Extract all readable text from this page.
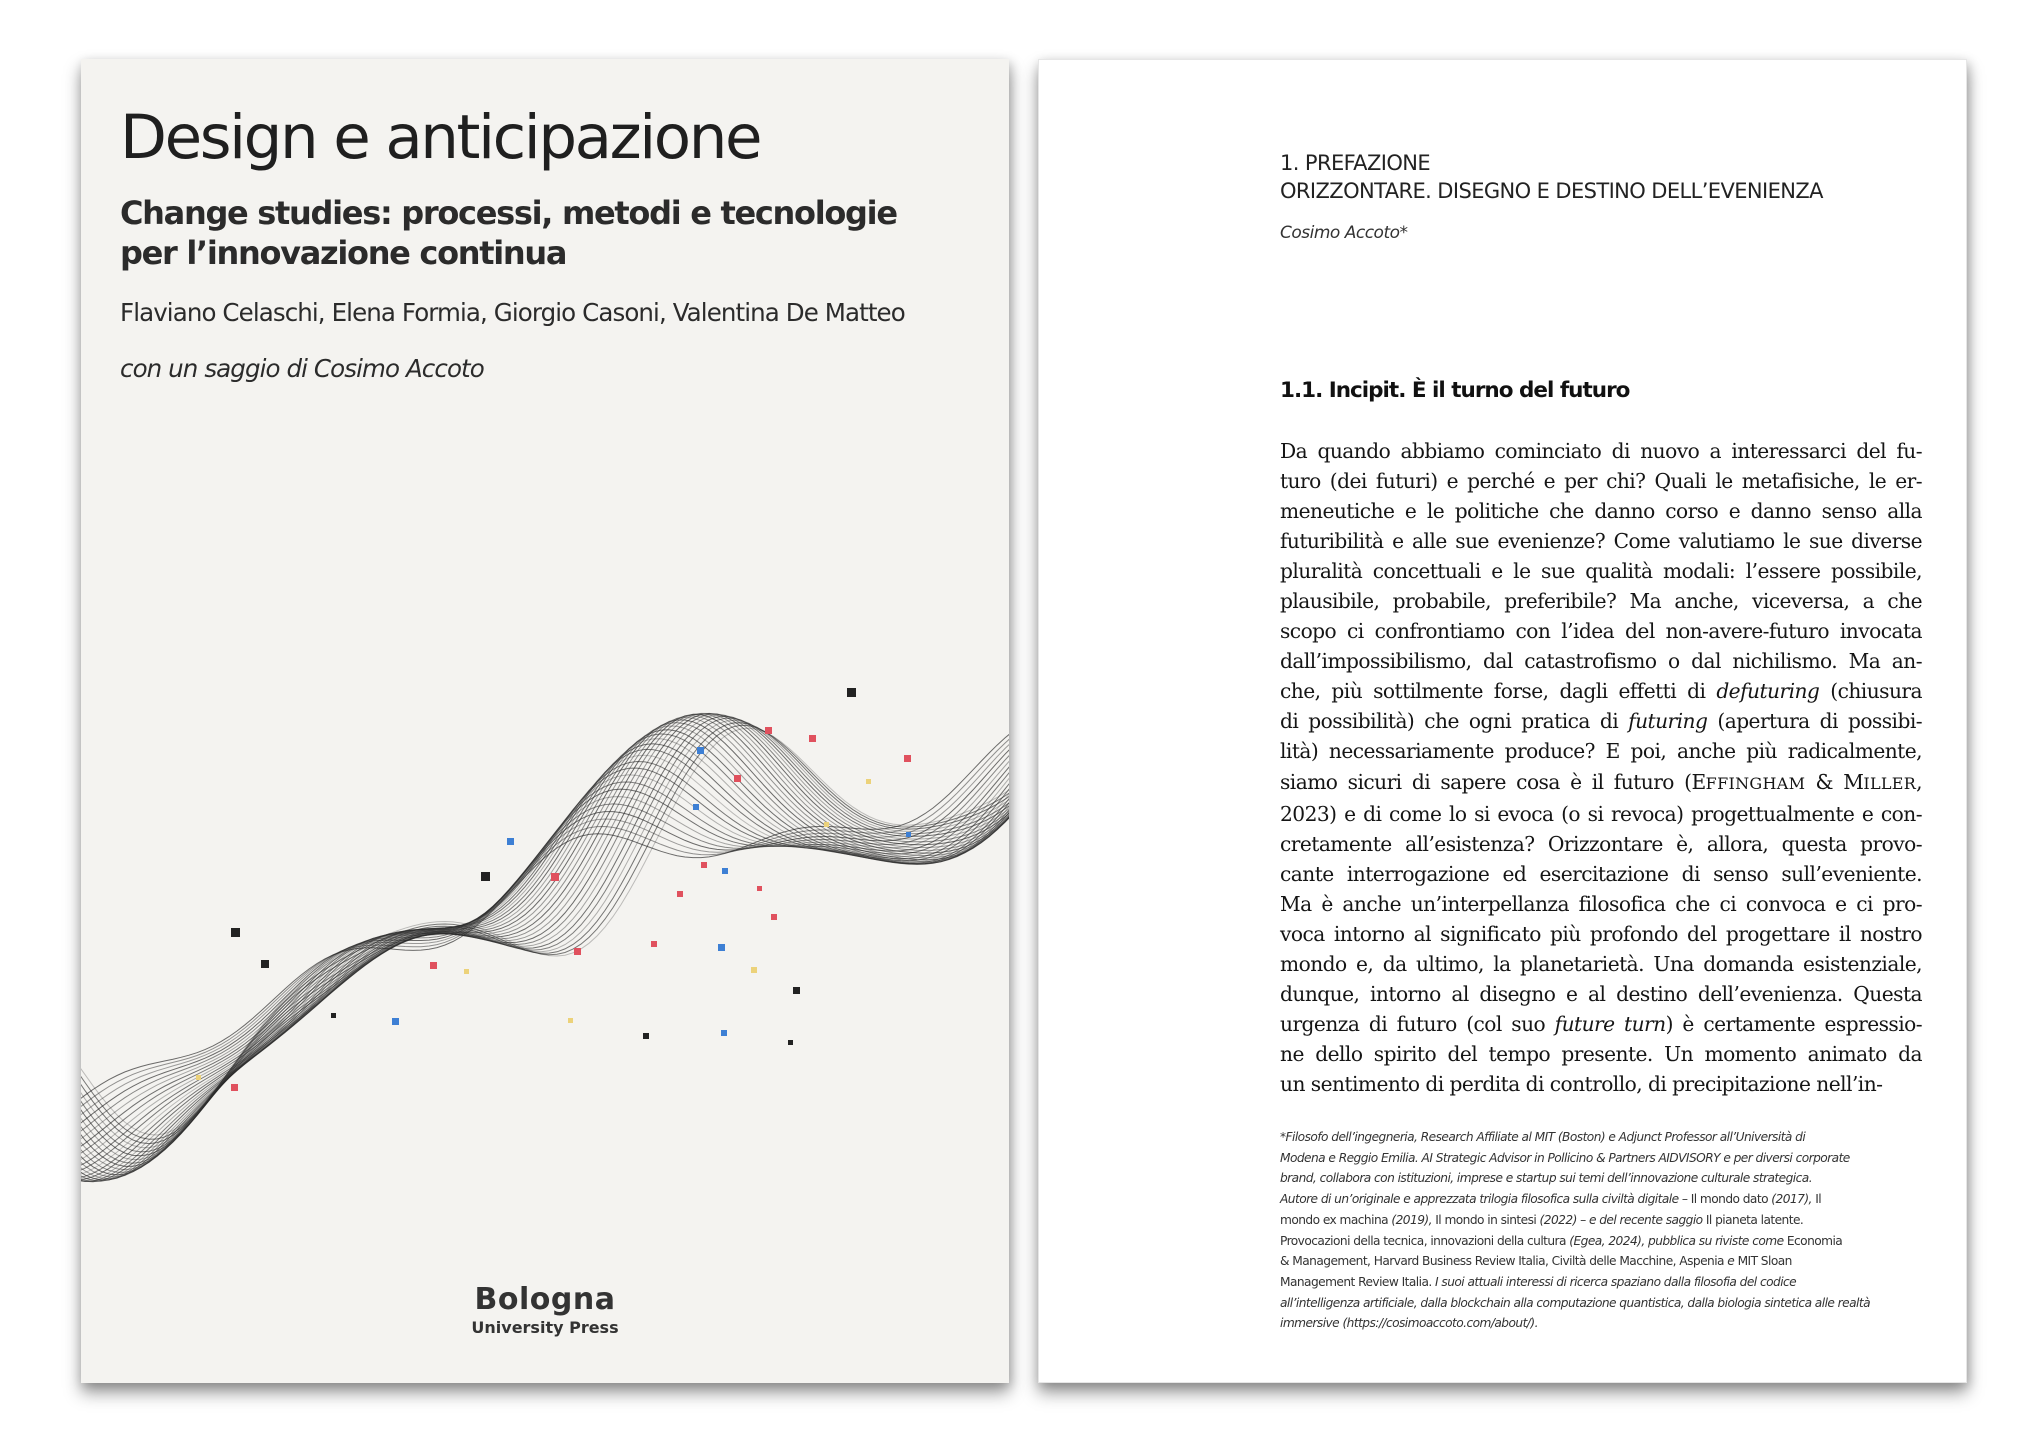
Design e anticipazione
Change studies: processi, metodi e tecnologie
per l’innovazione continua
Flaviano Celaschi, Elena Formia, Giorgio Casoni, Valentina De Matteo
con un saggio di Cosimo Accoto
Bologna
University Press
1. PREFAZIONE
ORIZZONTARE. DISEGNO E DESTINO DELL’EVENIENZA
Cosimo Accoto*
1.1. Incipit. È il turno del futuro
Da quando abbiamo cominciato di nuovo a interessarci del fu-
turo (dei futuri) e perché e per chi? Quali le metafisiche, le er-
meneutiche e le politiche che danno corso e danno senso alla
futuribilità e alle sue evenienze? Come valutiamo le sue diverse
pluralità concettuali e le sue qualità modali: l’essere possibile,
plausibile, probabile, preferibile? Ma anche, viceversa, a che
scopo ci confrontiamo con l’idea del non-avere-futuro invocata
dall’impossibilismo, dal catastrofismo o dal nichilismo. Ma an-
che, più sottilmente forse, dagli effetti di defuturing (chiusura
di possibilità) che ogni pratica di futuring (apertura di possibi-
lità) necessariamente produce? E poi, anche più radicalmente,
siamo sicuri di sapere cosa è il futuro (EFFINGHAM & MILLER,
2023) e di come lo si evoca (o si revoca) progettualmente e con-
cretamente all’esistenza? Orizzontare è, allora, questa provo-
cante interrogazione ed esercitazione di senso sull’eveniente.
Ma è anche un’interpellanza filosofica che ci convoca e ci pro-
voca intorno al significato più profondo del progettare il nostro
mondo e, da ultimo, la planetarietà. Una domanda esistenziale,
dunque, intorno al disegno e al destino dell’evenienza. Questa
urgenza di futuro (col suo future turn) è certamente espressio-
ne dello spirito del tempo presente. Un momento animato da
un sentimento di perdita di controllo, di precipitazione nell’in-
*Filosofo dell’ingegneria, Research Affiliate al MIT (Boston) e Adjunct Professor all’Università di
Modena e Reggio Emilia. AI Strategic Advisor in Pollicino & Partners AIDVISORY e per diversi corporate
brand, collabora con istituzioni, imprese e startup sui temi dell’innovazione culturale strategica.
Autore di un’originale e apprezzata trilogia filosofica sulla civiltà digitale – Il mondo dato (2017), Il
mondo ex machina (2019), Il mondo in sintesi (2022) – e del recente saggio Il pianeta latente.
Provocazioni della tecnica, innovazioni della cultura (Egea, 2024), pubblica su riviste come Economia
& Management, Harvard Business Review Italia, Civiltà delle Macchine, Aspenia e MIT Sloan
Management Review Italia. I suoi attuali interessi di ricerca spaziano dalla filosofia del codice
all’intelligenza artificiale, dalla blockchain alla computazione quantistica, dalla biologia sintetica alle realtà
immersive (https://cosimoaccoto.com/about/).
